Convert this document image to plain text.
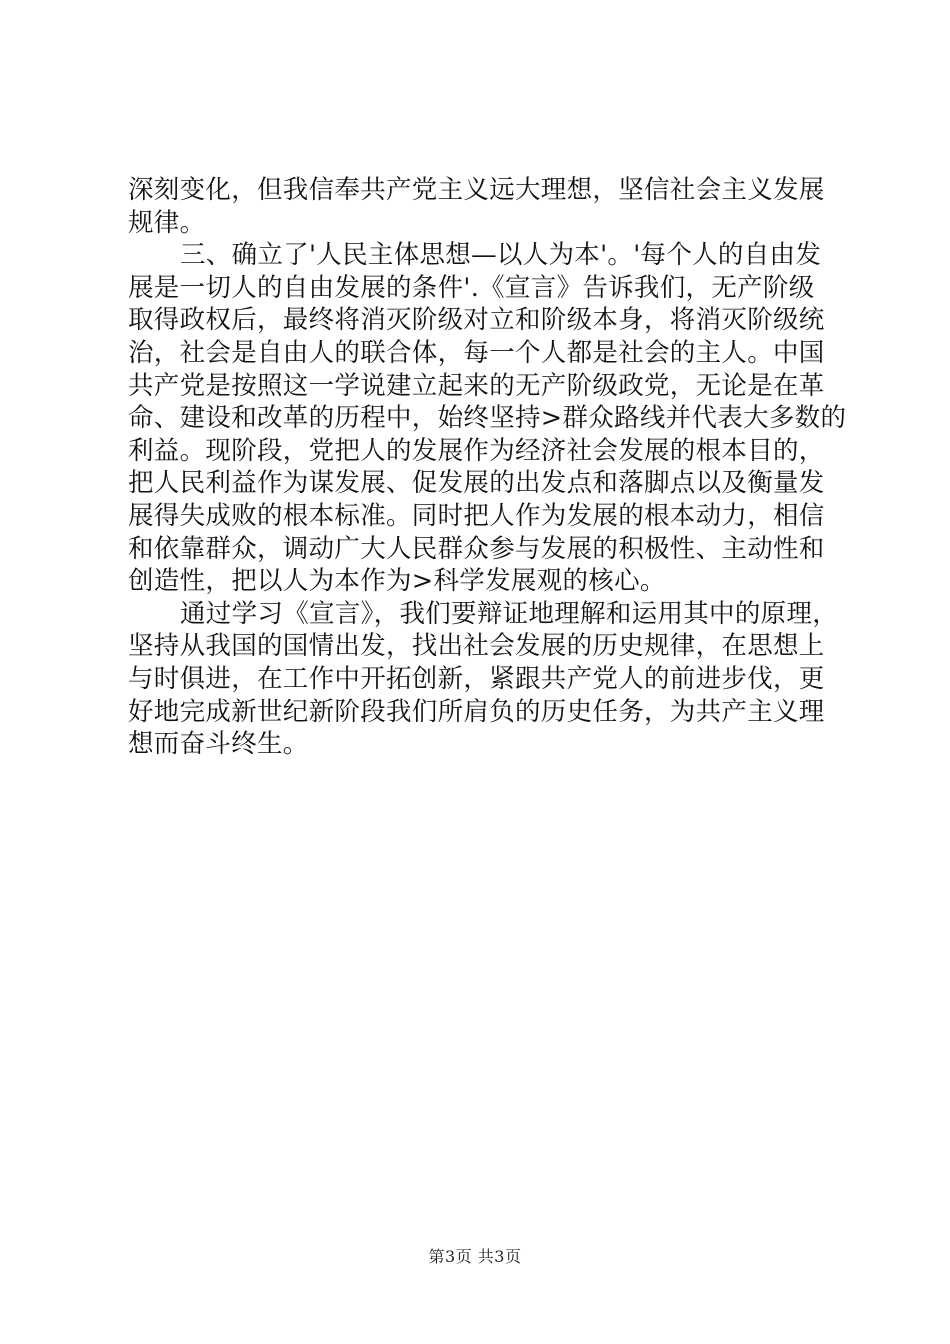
深刻变化，但我信奉共产党主义远大理想，坚信社会主义发展
规律。
三、确立了'人民主体思想—以人为本'。'每个人的自由发
展是一切人的自由发展的条件'.《宣言》告诉我们，无产阶级
取得政权后，最终将消灭阶级对立和阶级本身，将消灭阶级统
治，社会是自由人的联合体，每一个人都是社会的主人。中国
共产党是按照这一学说建立起来的无产阶级政党，无论是在革
命、建设和改革的历程中，始终坚持>群众路线并代表大多数的
利益。现阶段，党把人的发展作为经济社会发展的根本目的，
把人民利益作为谋发展、促发展的出发点和落脚点以及衡量发
展得失成败的根本标准。同时把人作为发展的根本动力，相信
和依靠群众，调动广大人民群众参与发展的积极性、主动性和
创造性，把以人为本作为>科学发展观的核心。
通过学习《宣言》，我们要辩证地理解和运用其中的原理，
坚持从我国的国情出发，找出社会发展的历史规律，在思想上
与时俱进，在工作中开拓创新，紧跟共产党人的前进步伐，更
好地完成新世纪新阶段我们所肩负的历史任务，为共产主义理
想而奋斗终生。
第3页 共3页
